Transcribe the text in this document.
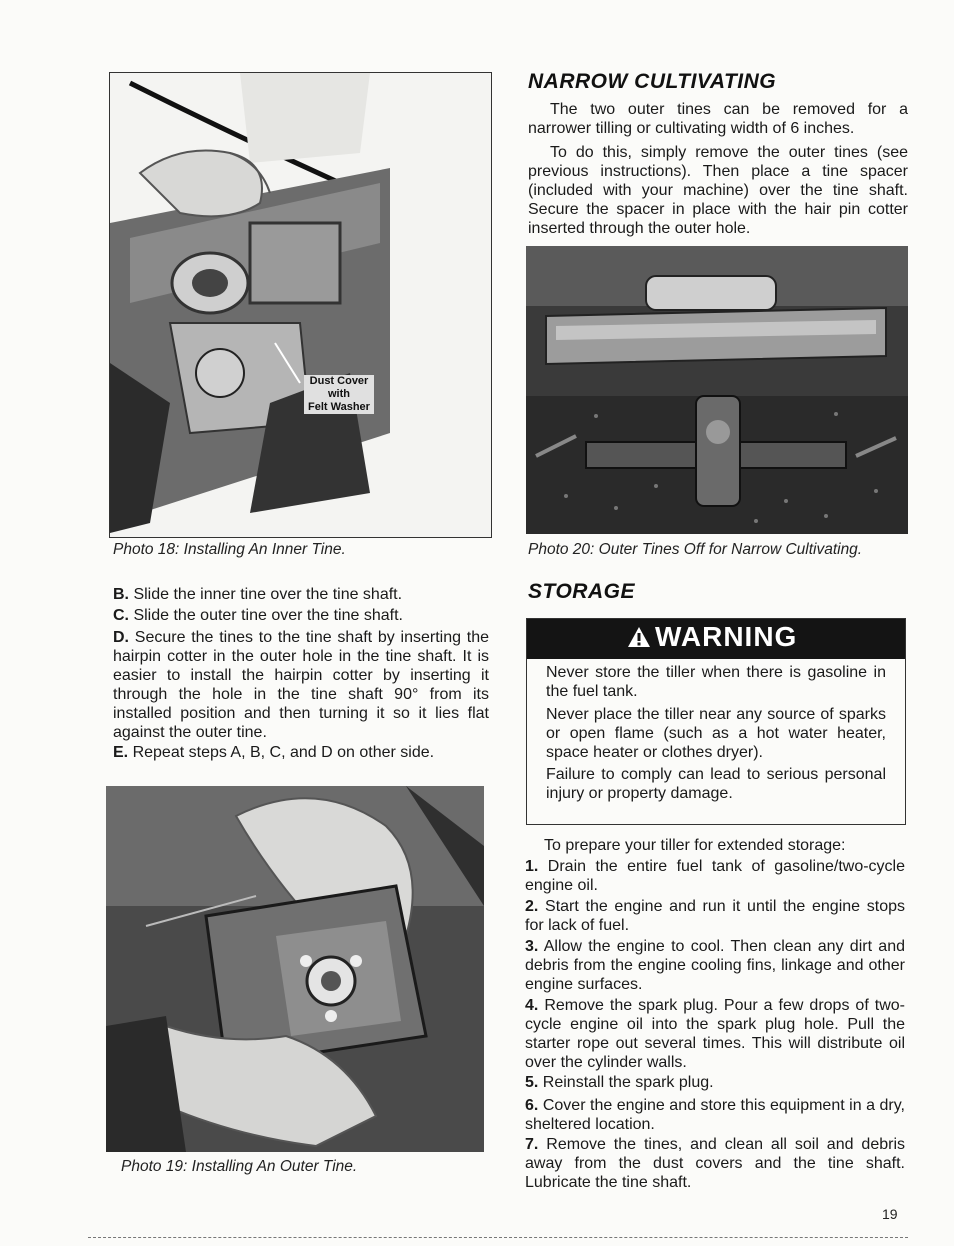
Dust Cover
with
Felt Washer
Photo 18: Installing An Inner Tine.
NARROW CULTIVATING
The two outer tines can be removed for a narrower tilling or cultivating width of 6 inches.
To do this, simply remove the outer tines (see previous instructions). Then place a tine spacer (included with your machine) over the tine shaft. Secure the spacer in place with the hair pin cotter inserted through the outer hole.
Photo 20: Outer Tines Off for Narrow Cultivating.
B. Slide the inner tine over the tine shaft.
C. Slide the outer tine over the tine shaft.
D. Secure the tines to the tine shaft by inserting the hairpin cotter in the outer hole in the tine shaft. It is easier to install the hairpin cotter by inserting it through the hole in the tine shaft 90° from its installed position and then turning it so it lies flat against the outer tine.
E. Repeat steps A, B, C, and D on other side.
Photo 19: Installing An Outer Tine.
STORAGE
WARNING
Never store the tiller when there is gasoline in the fuel tank.
Never place the tiller near any source of sparks or open flame (such as a hot water heater, space heater or clothes dryer).
Failure to comply can lead to serious personal injury or property damage.
To prepare your tiller for extended storage:
1. Drain the entire fuel tank of gasoline/two-cycle engine oil.
2. Start the engine and run it until the engine stops for lack of fuel.
3. Allow the engine to cool. Then clean any dirt and debris from the engine cooling fins, linkage and other engine surfaces.
4. Remove the spark plug. Pour a few drops of two-cycle engine oil into the spark plug hole. Pull the starter rope out several times. This will distribute oil over the cylinder walls.
5. Reinstall the spark plug.
6. Cover the engine and store this equipment in a dry, sheltered location.
7. Remove the tines, and clean all soil and debris away from the dust covers and the tine shaft. Lubricate the tine shaft.
19
